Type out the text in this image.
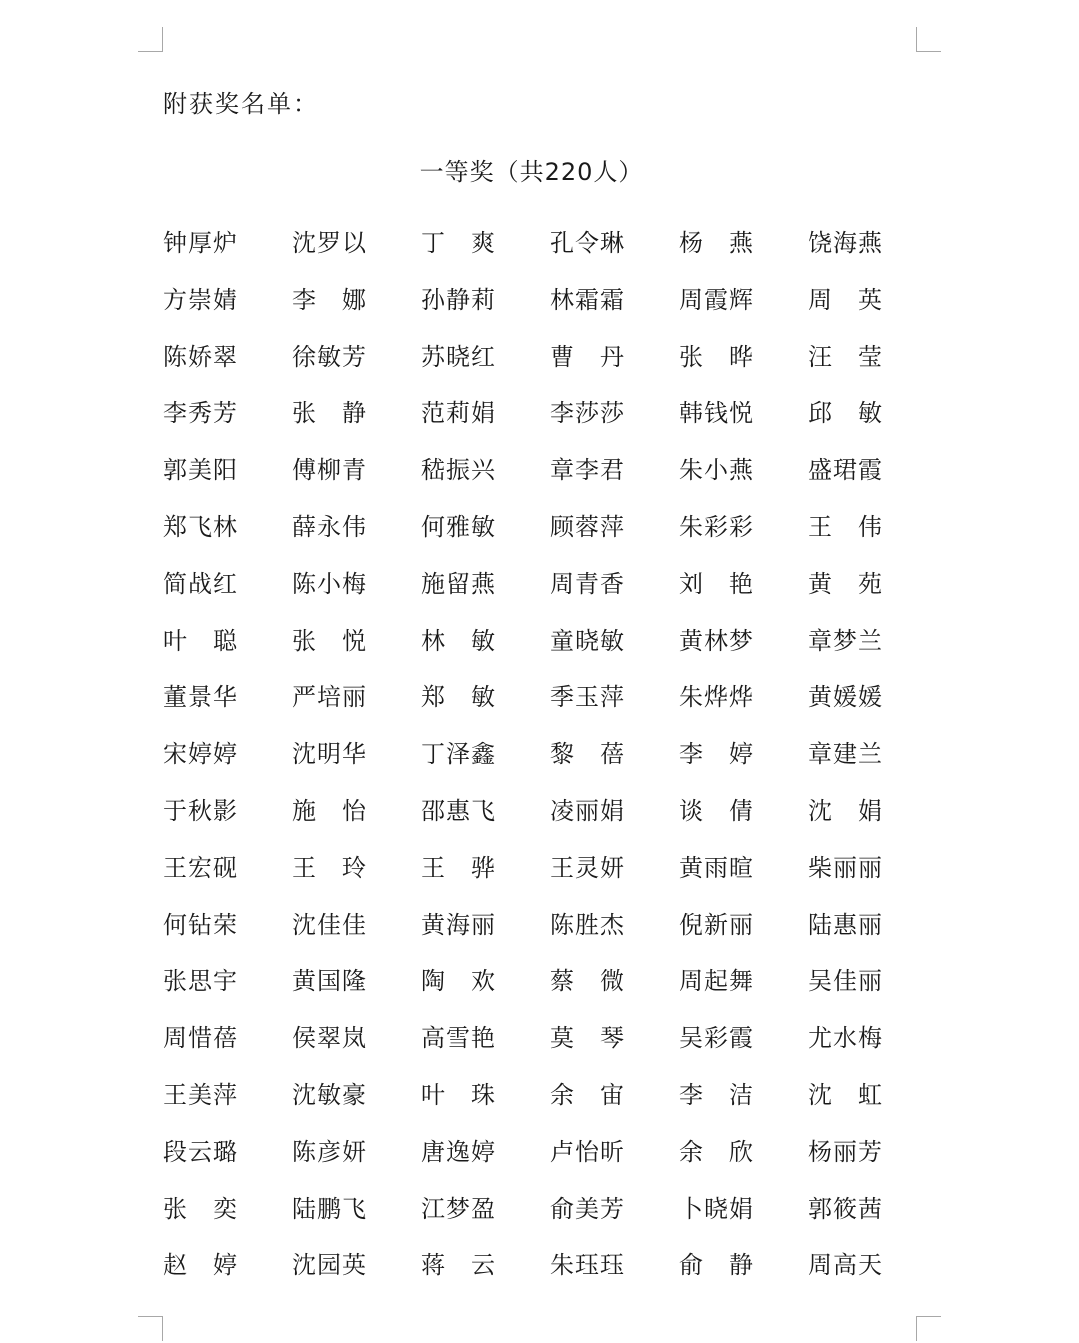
附获奖名单：
一等奖（共220人）
钟厚炉	沈罗以	丁　爽	孔令琳	杨　燕	饶海燕
方崇婧	李　娜	孙静莉	林霜霜	周霞辉	周　英
陈娇翠	徐敏芳	苏晓红	曹　丹	张　晔	汪　莹
李秀芳	张　静	范莉娟	李莎莎	韩钱悦	邱　敏
郭美阳	傅柳青	嵇振兴	章李君	朱小燕	盛珺霞
郑飞林	薛永伟	何雅敏	顾蓉萍	朱彩彩	王　伟
简战红	陈小梅	施留燕	周青香	刘　艳	黄　苑
叶　聪	张　悦	林　敏	童晓敏	黄林梦	章梦兰
董景华	严培丽	郑　敏	季玉萍	朱烨烨	黄媛媛
宋婷婷	沈明华	丁泽鑫	黎　蓓	李　婷	章建兰
于秋影	施　怡	邵惠飞	凌丽娟	谈　倩	沈　娟
王宏砚	王　玲	王　骅	王灵妍	黄雨暄	柴丽丽
何钻荣	沈佳佳	黄海丽	陈胜杰	倪新丽	陆惠丽
张思宇	黄国隆	陶　欢	蔡　微	周起舞	吴佳丽
周惜蓓	侯翠岚	高雪艳	莫　琴	吴彩霞	尤水梅
王美萍	沈敏豪	叶　珠	余　宙	李　洁	沈　虹
段云璐	陈彦妍	唐逸婷	卢怡昕	余　欣	杨丽芳
张　奕	陆鹏飞	江梦盈	俞美芳	卜晓娟	郭筱茜
赵　婷	沈园英	蒋　云	朱珏珏	俞　静	周高天
